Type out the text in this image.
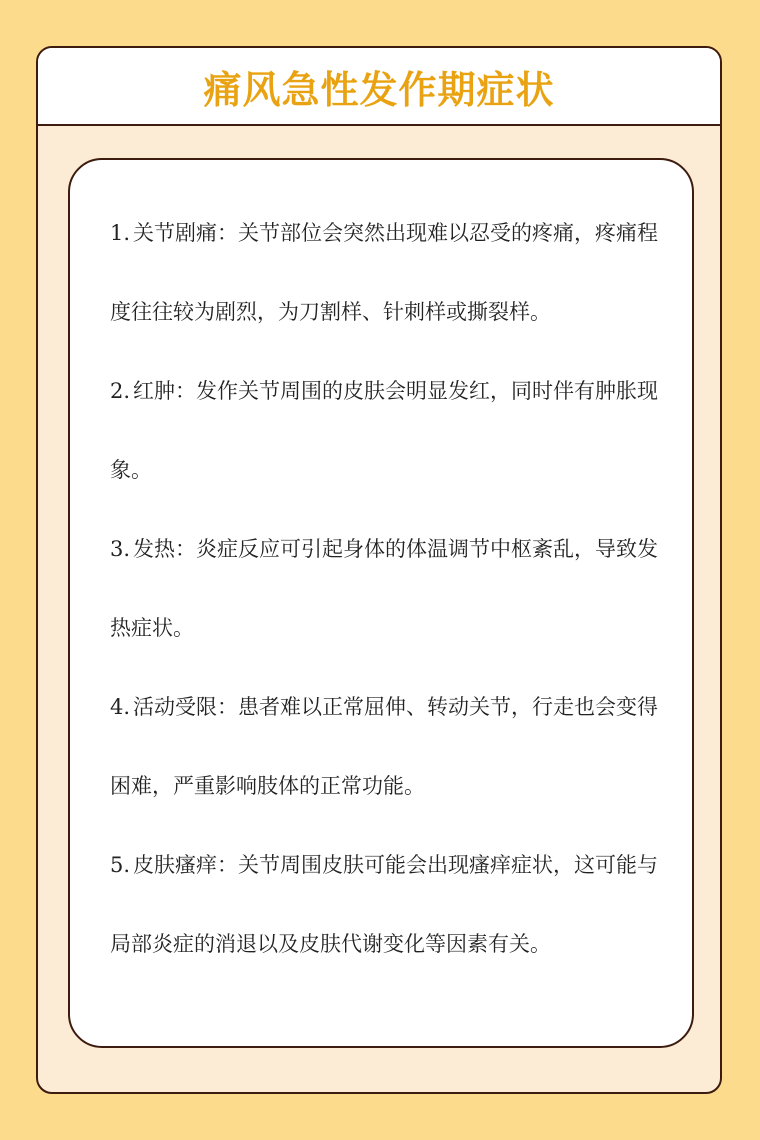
痛风急性发作期症状

1. 关节剧痛：关节部位会突然出现难以忍受的疼痛，疼痛程度往往较为剧烈，为刀割样、针刺样或撕裂样。

2. 红肿：发作关节周围的皮肤会明显发红，同时伴有肿胀现象。

3. 发热：炎症反应可引起身体的体温调节中枢紊乱，导致发热症状。

4. 活动受限：患者难以正常屈伸、转动关节，行走也会变得困难，严重影响肢体的正常功能。

5. 皮肤瘙痒：关节周围皮肤可能会出现瘙痒症状，这可能与局部炎症的消退以及皮肤代谢变化等因素有关。
